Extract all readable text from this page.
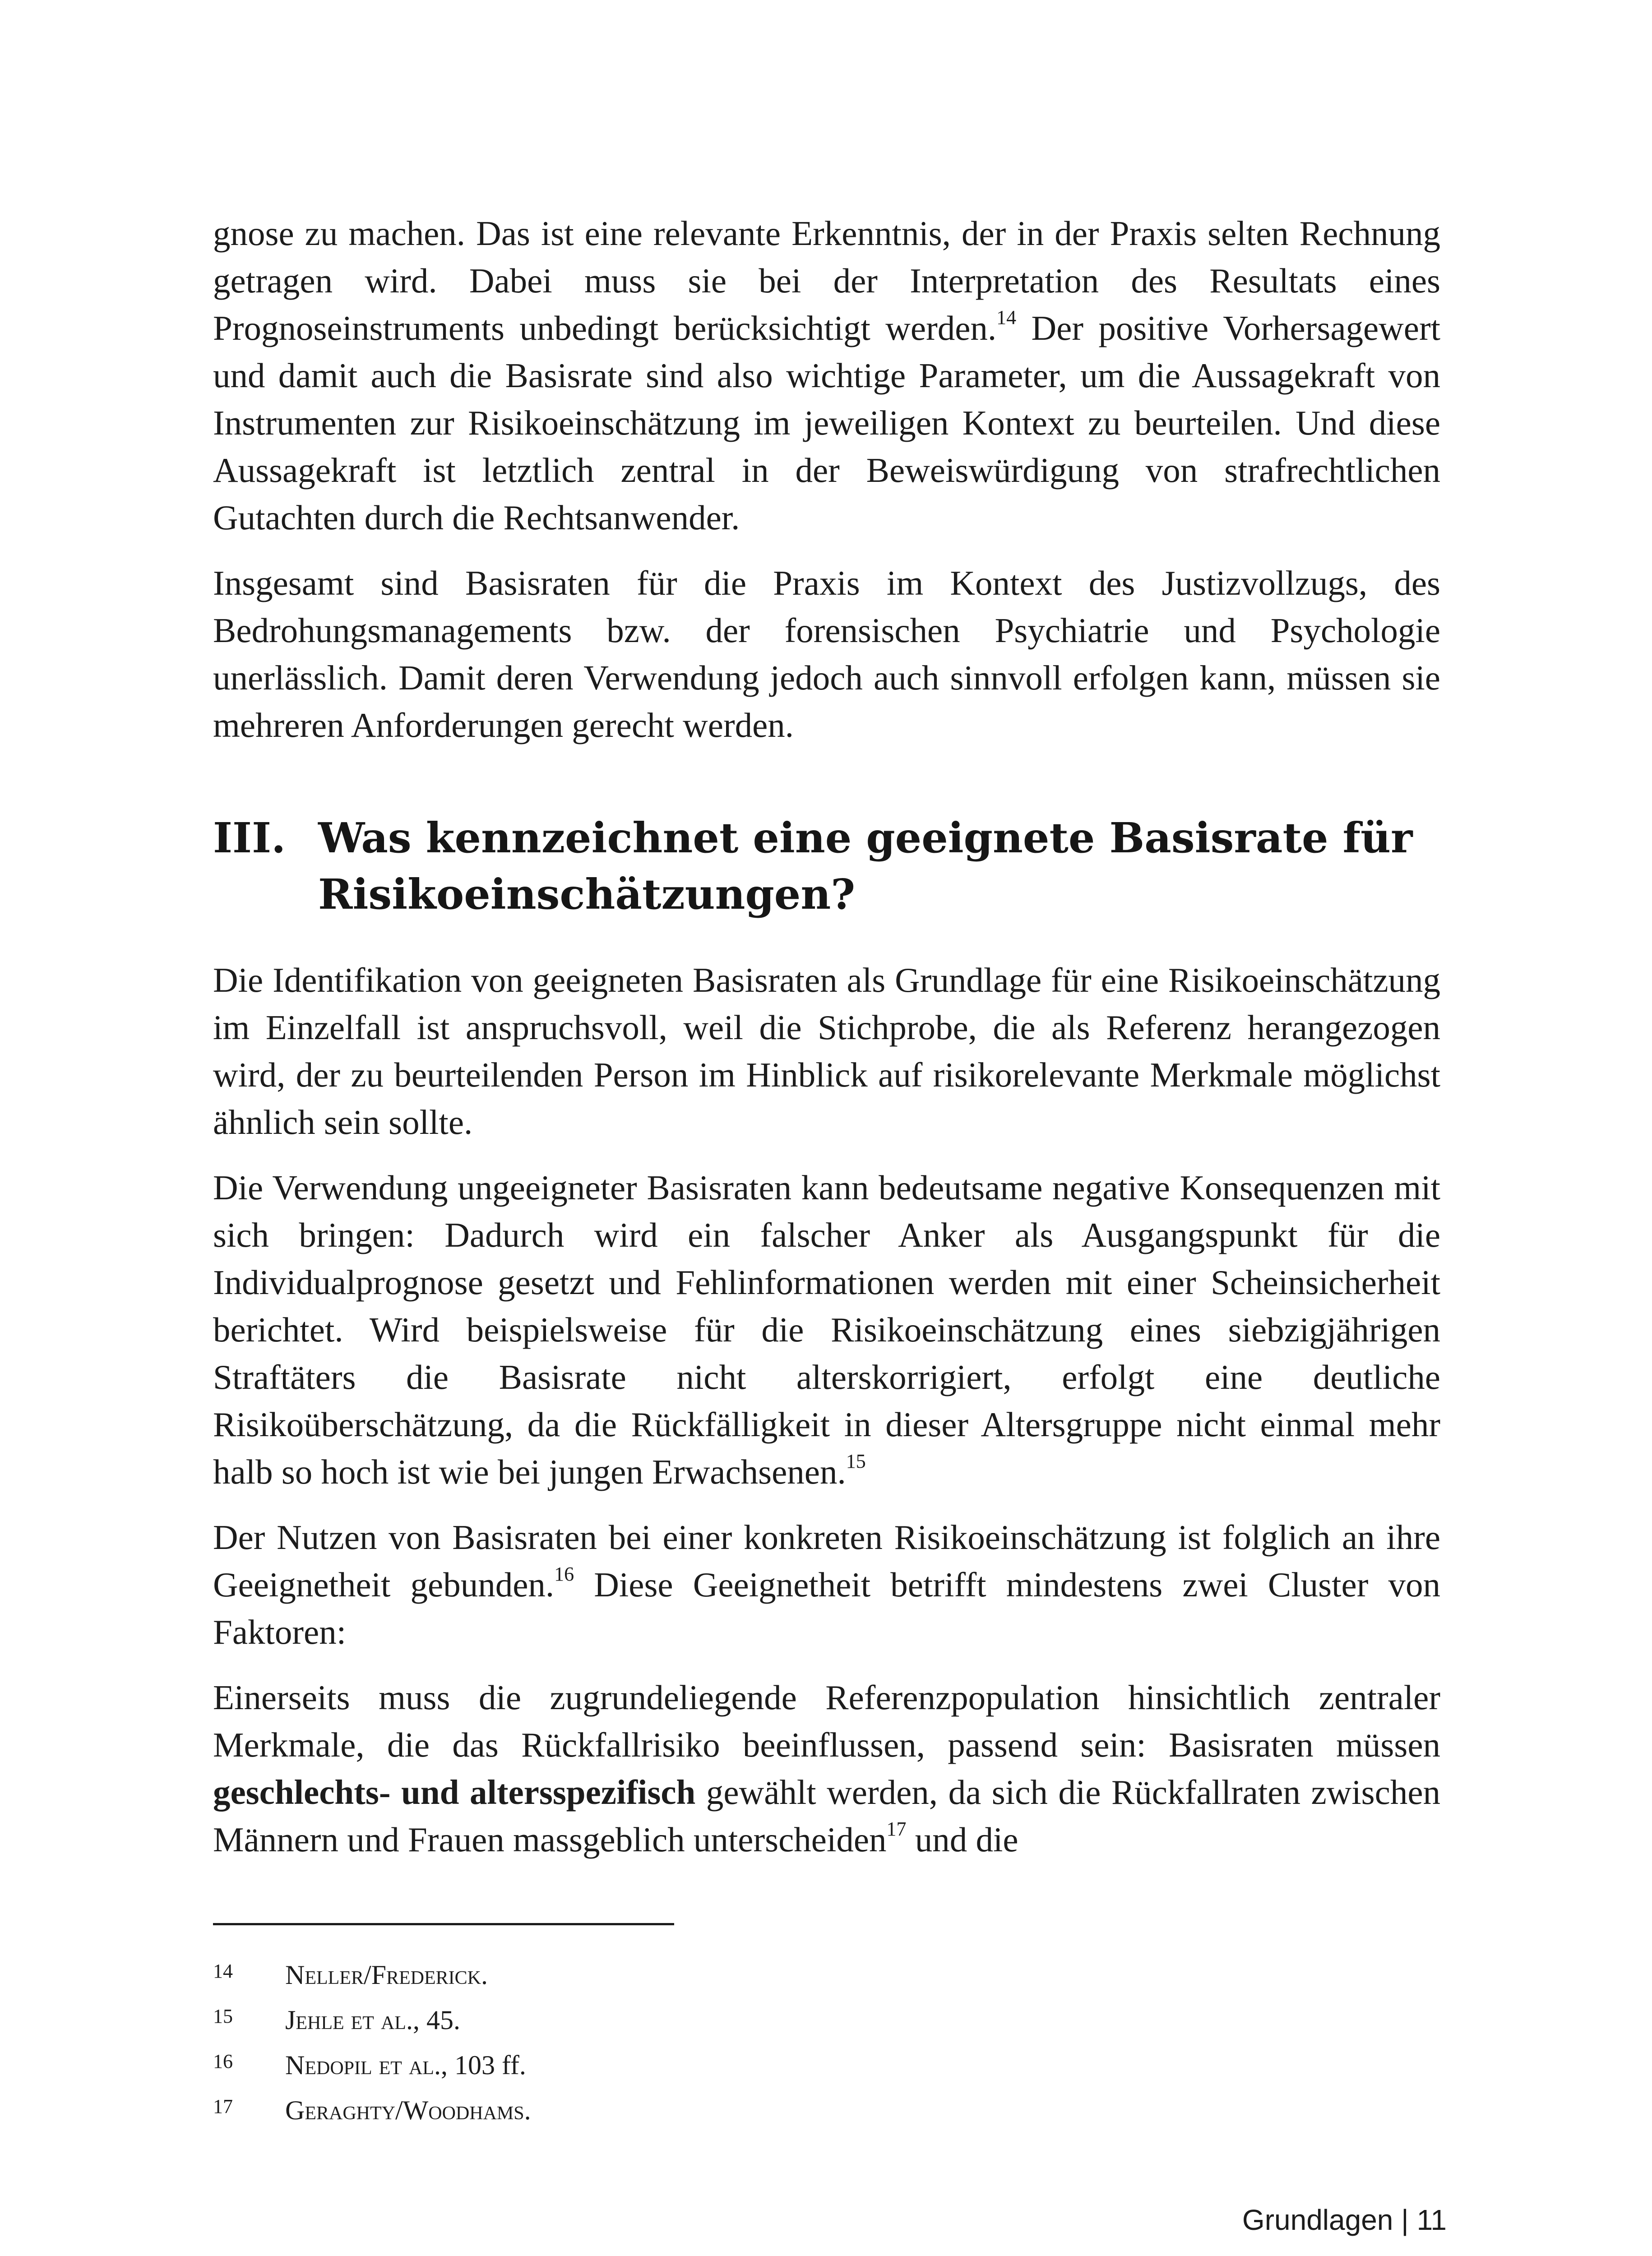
gnose zu machen. Das ist eine relevante Erkenntnis, der in der Praxis selten Rechnung getragen wird. Dabei muss sie bei der Interpretation des Resultats eines Prognoseinstruments unbedingt berücksichtigt werden.$^{14}$ Der positive Vorhersagewert und damit auch die Basisrate sind also wichtige Parameter, um die Aussagekraft von Instrumenten zur Risikoeinschätzung im jeweiligen Kontext zu beurteilen. Und diese Aussagekraft ist letztlich zentral in der Beweiswürdigung von strafrechtlichen Gutachten durch die Rechtsanwender.

Insgesamt sind Basisraten für die Praxis im Kontext des Justizvollzugs, des Bedrohungsmanagements bzw. der forensischen Psychiatrie und Psychologie unerlässlich. Damit deren Verwendung jedoch auch sinnvoll erfolgen kann, müssen sie mehreren Anforderungen gerecht werden.

III. Was kennzeichnet eine geeignete Basisrate für
Risikoeinschätzungen?

Die Identifikation von geeigneten Basisraten als Grundlage für eine Risikoeinschätzung im Einzelfall ist anspruchsvoll, weil die Stichprobe, die als Referenz herangezogen wird, der zu beurteilenden Person im Hinblick auf risikorelevante Merkmale möglichst ähnlich sein sollte.

Die Verwendung ungeeigneter Basisraten kann bedeutsame negative Konsequenzen mit sich bringen: Dadurch wird ein falscher Anker als Ausgangspunkt für die Individualprognose gesetzt und Fehlinformationen werden mit einer Scheinsicherheit berichtet. Wird beispielsweise für die Risikoeinschätzung eines siebzigjährigen Straftäters die Basisrate nicht alterskorrigiert, erfolgt eine deutliche Risikoüberschätzung, da die Rückfälligkeit in dieser Altersgruppe nicht einmal mehr halb so hoch ist wie bei jungen Erwachsenen.$^{15}$

Der Nutzen von Basisraten bei einer konkreten Risikoeinschätzung ist folglich an ihre Geeignetheit gebunden.$^{16}$ Diese Geeignetheit betrifft mindestens zwei Cluster von Faktoren:

Einerseits muss die zugrundeliegende Referenzpopulation hinsichtlich zentraler Merkmale, die das Rückfallrisiko beeinflussen, passend sein: Basisraten müssen geschlechts- und altersspezifisch gewählt werden, da sich die Rückfallraten zwischen Männern und Frauen massgeblich unterscheiden$^{17}$ und die

14	Neller/Frederick.
15	Jehle et al., 45.
16	Nedopil et al., 103 ff.
17	Geraghty/Woodhams.
Grundlagen | 11
